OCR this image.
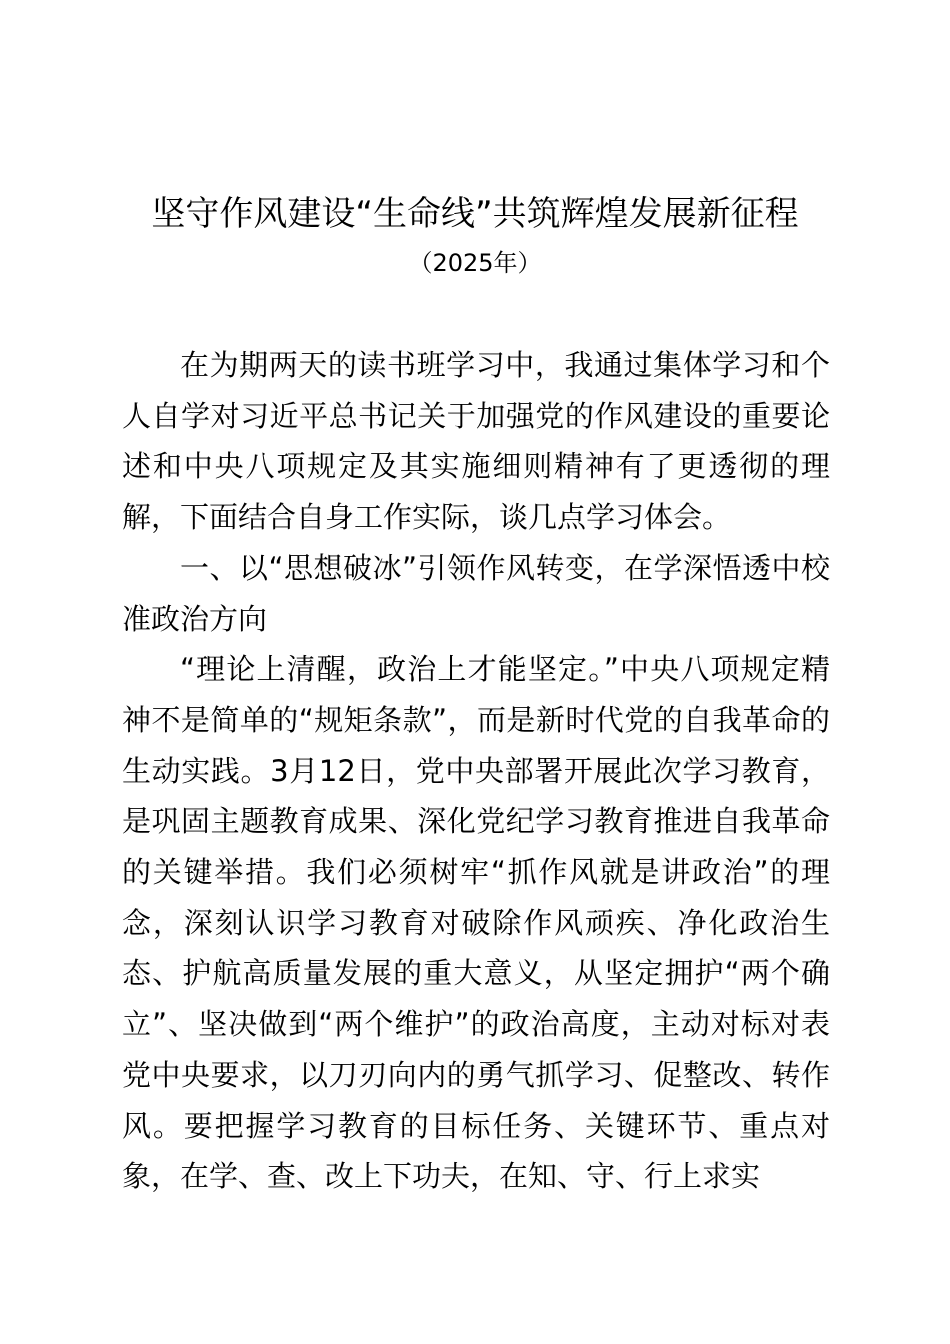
坚守作风建设“生命线”共筑辉煌发展新征程
（2025年）

在为期两天的读书班学习中，我通过集体学习和个人自学对习近平总书记关于加强党的作风建设的重要论述和中央八项规定及其实施细则精神有了更透彻的理解，下面结合自身工作实际，谈几点学习体会。

一、以“思想破冰”引领作风转变，在学深悟透中校准政治方向

“理论上清醒，政治上才能坚定。”中央八项规定精神不是简单的“规矩条款”，而是新时代党的自我革命的生动实践。3月12日，党中央部署开展此次学习教育，是巩固主题教育成果、深化党纪学习教育推进自我革命的关键举措。我们必须树牢“抓作风就是讲政治”的理念，深刻认识学习教育对破除作风顽疾、净化政治生态、护航高质量发展的重大意义，从坚定拥护“两个确立”、坚决做到“两个维护”的政治高度，主动对标对表党中央要求，以刀刃向内的勇气抓学习、促整改、转作风。要把握学习教育的目标任务、关键环节、重点对象，在学、查、改上下功夫，在知、守、行上求实
